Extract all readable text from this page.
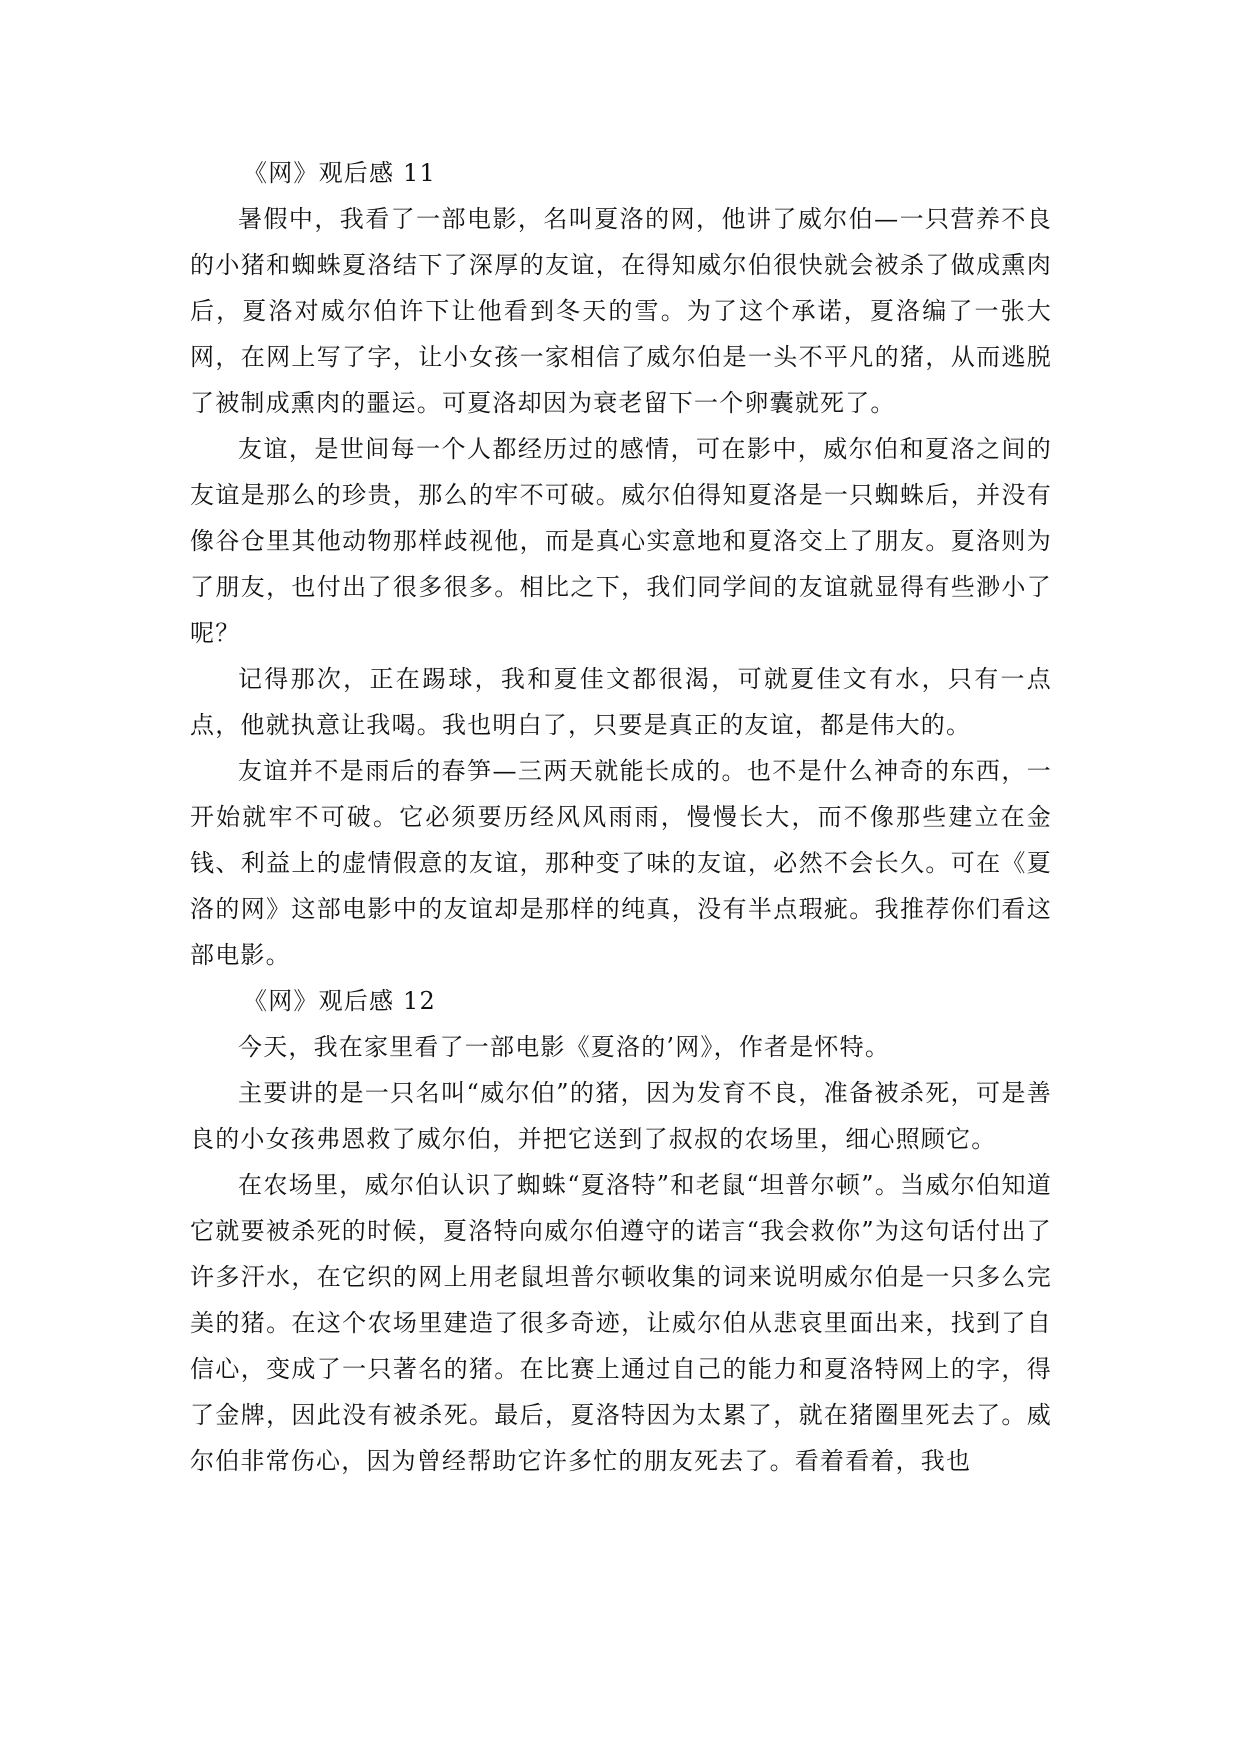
《网》观后感 11

暑假中，我看了一部电影，名叫夏洛的网，他讲了威尔伯—一只营养不良的小猪和蜘蛛夏洛结下了深厚的友谊，在得知威尔伯很快就会被杀了做成熏肉后，夏洛对威尔伯许下让他看到冬天的雪。为了这个承诺，夏洛编了一张大网，在网上写了字，让小女孩一家相信了威尔伯是一头不平凡的猪，从而逃脱了被制成熏肉的噩运。可夏洛却因为衰老留下一个卵囊就死了。

友谊，是世间每一个人都经历过的感情，可在影中，威尔伯和夏洛之间的友谊是那么的珍贵，那么的牢不可破。威尔伯得知夏洛是一只蜘蛛后，并没有像谷仓里其他动物那样歧视他，而是真心实意地和夏洛交上了朋友。夏洛则为了朋友，也付出了很多很多。相比之下，我们同学间的友谊就显得有些渺小了呢？

记得那次，正在踢球，我和夏佳文都很渴，可就夏佳文有水，只有一点点，他就执意让我喝。我也明白了，只要是真正的友谊，都是伟大的。

友谊并不是雨后的春笋—三两天就能长成的。也不是什么神奇的东西，一开始就牢不可破。它必须要历经风风雨雨，慢慢长大，而不像那些建立在金钱、利益上的虚情假意的友谊，那种变了味的友谊，必然不会长久。可在《夏洛的网》这部电影中的友谊却是那样的纯真，没有半点瑕疵。我推荐你们看这部电影。

《网》观后感 12

今天，我在家里看了一部电影《夏洛的’网》，作者是怀特。

主要讲的是一只名叫“威尔伯”的猪，因为发育不良，准备被杀死，可是善良的小女孩弗恩救了威尔伯，并把它送到了叔叔的农场里，细心照顾它。

在农场里，威尔伯认识了蜘蛛“夏洛特”和老鼠“坦普尔顿”。当威尔伯知道它就要被杀死的时候，夏洛特向威尔伯遵守的诺言“我会救你”为这句话付出了许多汗水，在它织的网上用老鼠坦普尔顿收集的词来说明威尔伯是一只多么完美的猪。在这个农场里建造了很多奇迹，让威尔伯从悲哀里面出来，找到了自信心，变成了一只著名的猪。在比赛上通过自己的能力和夏洛特网上的字，得了金牌，因此没有被杀死。最后，夏洛特因为太累了，就在猪圈里死去了。威尔伯非常伤心，因为曾经帮助它许多忙的朋友死去了。看着看着，我也
